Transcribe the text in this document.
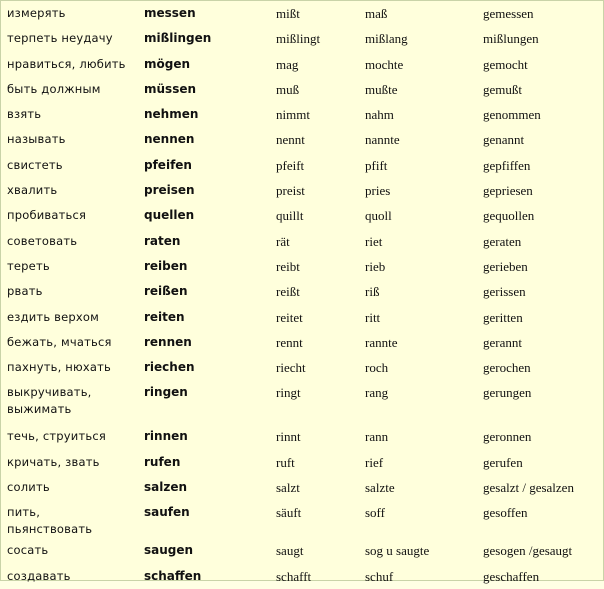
измерять	messen	mißt	maß	gemessen

терпеть неудачу	mißlingen	mißlingt	mißlang	mißlungen

нравиться, любить	mögen	mag	mochte	gemocht

быть должным	müssen	muß	mußte	gemußt

взять	nehmen	nimmt	nahm	genommen

называть	nennen	nennt	nannte	genannt

свистеть	pfeifen	pfeift	pfift	gepfiffen

хвалить	preisen	preist	pries	gepriesen

пробиваться	quellen	quillt	quoll	gequollen

советовать	raten	rät	riet	geraten

тереть	reiben	reibt	rieb	gerieben

рвать	reißen	reißt	riß	gerissen

ездить верхом	reiten	reitet	ritt	geritten

бежать, мчаться	rennen	rennt	rannte	gerannt

пахнуть, нюхать	riechen	riecht	roch	gerochen

выкручивать, выжимать	ringen	ringt	rang	gerungen

течь, струиться	rinnen	rinnt	rann	geronnen

кричать, звать	rufen	ruft	rief	gerufen

солить	salzen	salzt	salzte	gesalzt / gesalzen

пить, пьянствовать	saufen	säuft	soff	gesoffen

сосать	saugen	saugt	sog u saugte	gesogen /gesaugt

создавать	schaffen	schafft	schuf	geschaffen
